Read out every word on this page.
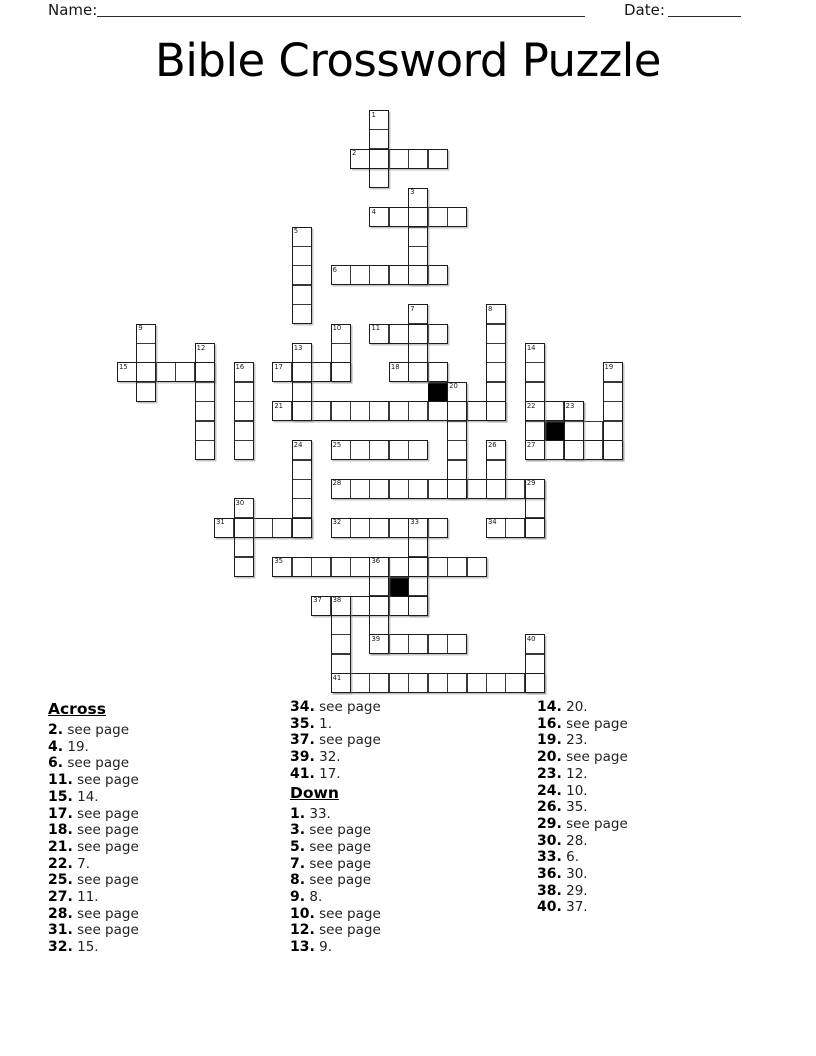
Name:	Date:
Bible Crossword Puzzle
1
2
3
4
5
6
7	8
9	10	11
12	13	14
15	16	17	18	19
20
21	22	23
24	25	26	27
28	29
30
31	32	33	34
35	36
37 38
39	40
41
Across
2. see page
4. 19.
6. see page
11. see page
15. 14.
17. see page
18. see page
21. see page
22. 7.
25. see page
27. 11.
28. see page
31. see page
32. 15.
34. see page
35. 1.
37. see page
39. 32.
41. 17.
Down
1. 33.
3. see page
5. see page
7. see page
8. see page
9. 8.
10. see page
12. see page
13. 9.
14. 20.
16. see page
19. 23.
20. see page
23. 12.
24. 10.
26. 35.
29. see page
30. 28.
33. 6.
36. 30.
38. 29.
40. 37.
